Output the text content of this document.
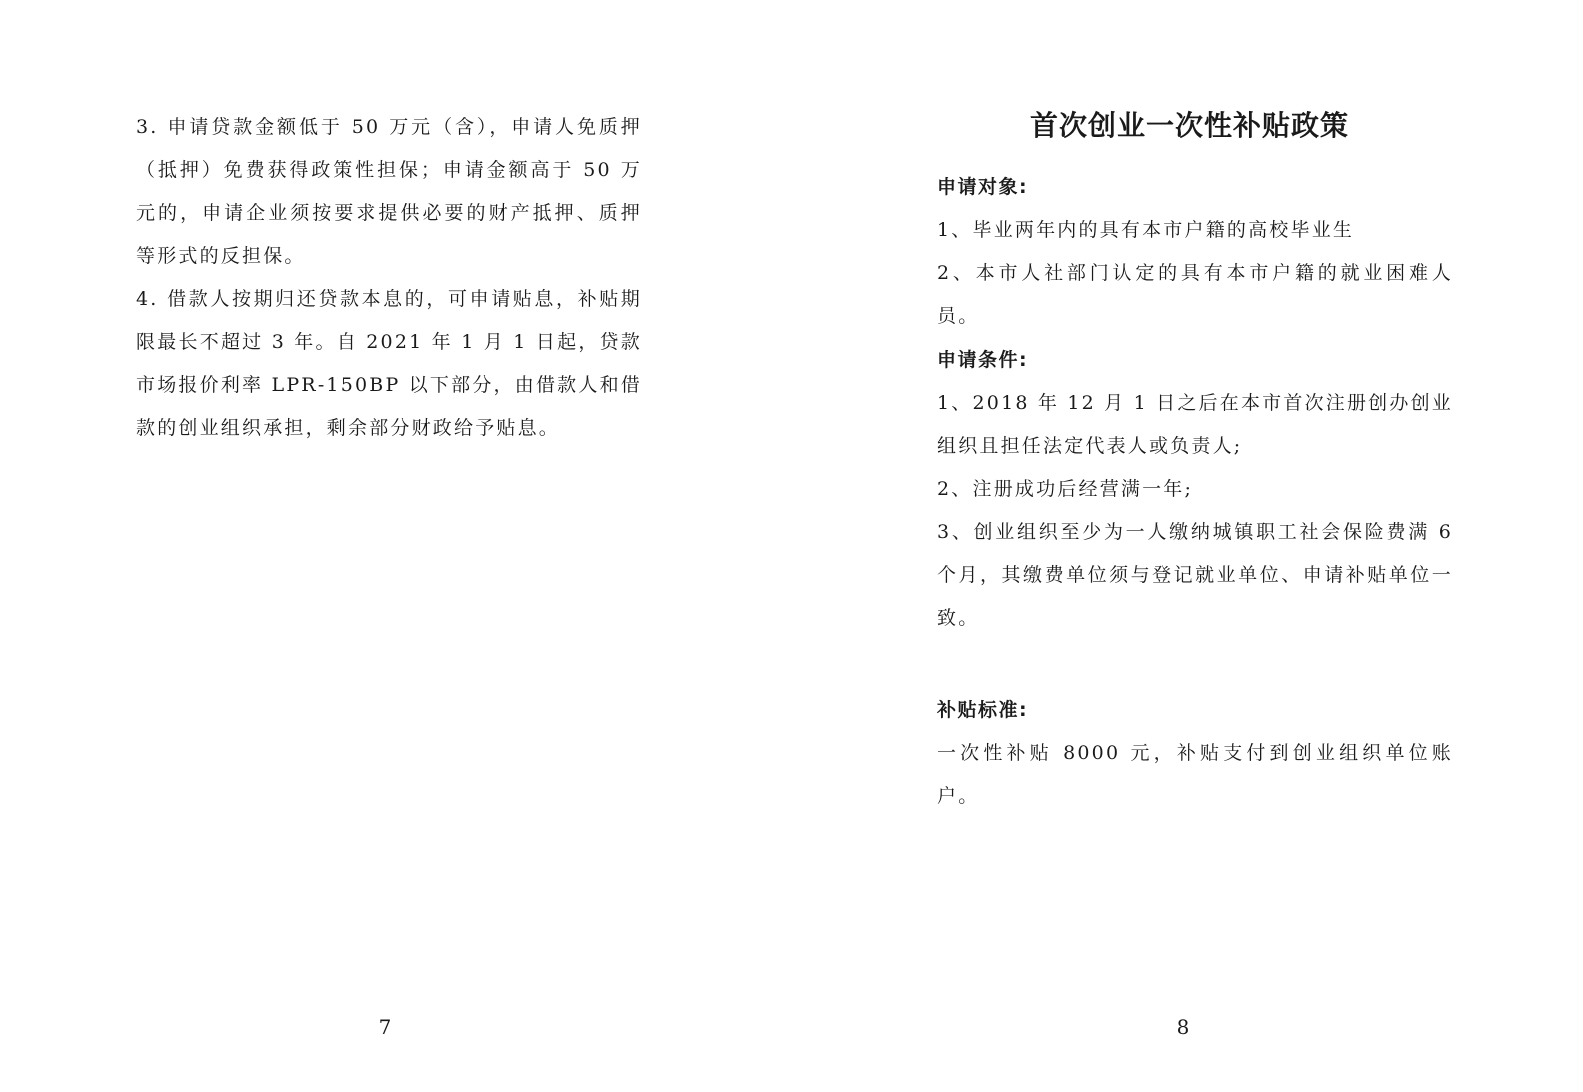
3. 申请贷款金额低于 50 万元（含），申请人免质押（抵押）免费获得政策性担保；申请金额高于 50 万元的，申请企业须按要求提供必要的财产抵押、质押等形式的反担保。

4. 借款人按期归还贷款本息的，可申请贴息，补贴期限最长不超过 3 年。自 2021 年 1 月 1 日起，贷款市场报价利率 LPR-150BP 以下部分，由借款人和借款的创业组织承担，剩余部分财政给予贴息。

7
首次创业一次性补贴政策
申请对象:

1、毕业两年内的具有本市户籍的高校毕业生

2、本市人社部门认定的具有本市户籍的就业困难人员。

申请条件:

1、2018 年 12 月 1 日之后在本市首次注册创办创业组织且担任法定代表人或负责人;

2、注册成功后经营满一年;

3、创业组织至少为一人缴纳城镇职工社会保险费满 6 个月，其缴费单位须与登记就业单位、申请补贴单位一致。

补贴标准:

一次性补贴 8000 元，补贴支付到创业组织单位账户。

8
